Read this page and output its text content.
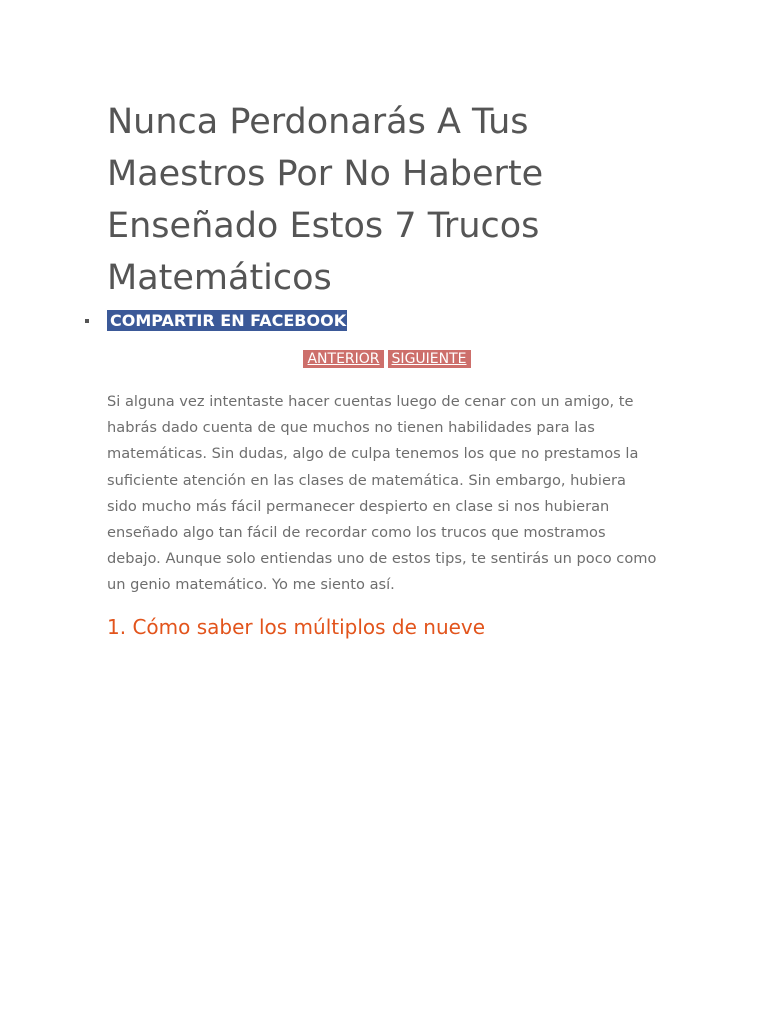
Nunca Perdonarás A Tus Maestros Por No Haberte Enseñado Estos 7 Trucos Matemáticos
COMPARTIR EN FACEBOOK
ANTERIOR SIGUIENTE

Si alguna vez intentaste hacer cuentas luego de cenar con un amigo, te habrás dado cuenta de que muchos no tienen habilidades para las matemáticas. Sin dudas, algo de culpa tenemos los que no prestamos la suficiente atención en las clases de matemática. Sin embargo, hubiera sido mucho más fácil permanecer despierto en clase si nos hubieran enseñado algo tan fácil de recordar como los trucos que mostramos debajo. Aunque solo entiendas uno de estos tips, te sentirás un poco como un genio matemático. Yo me siento así.

1. Cómo saber los múltiplos de nueve
